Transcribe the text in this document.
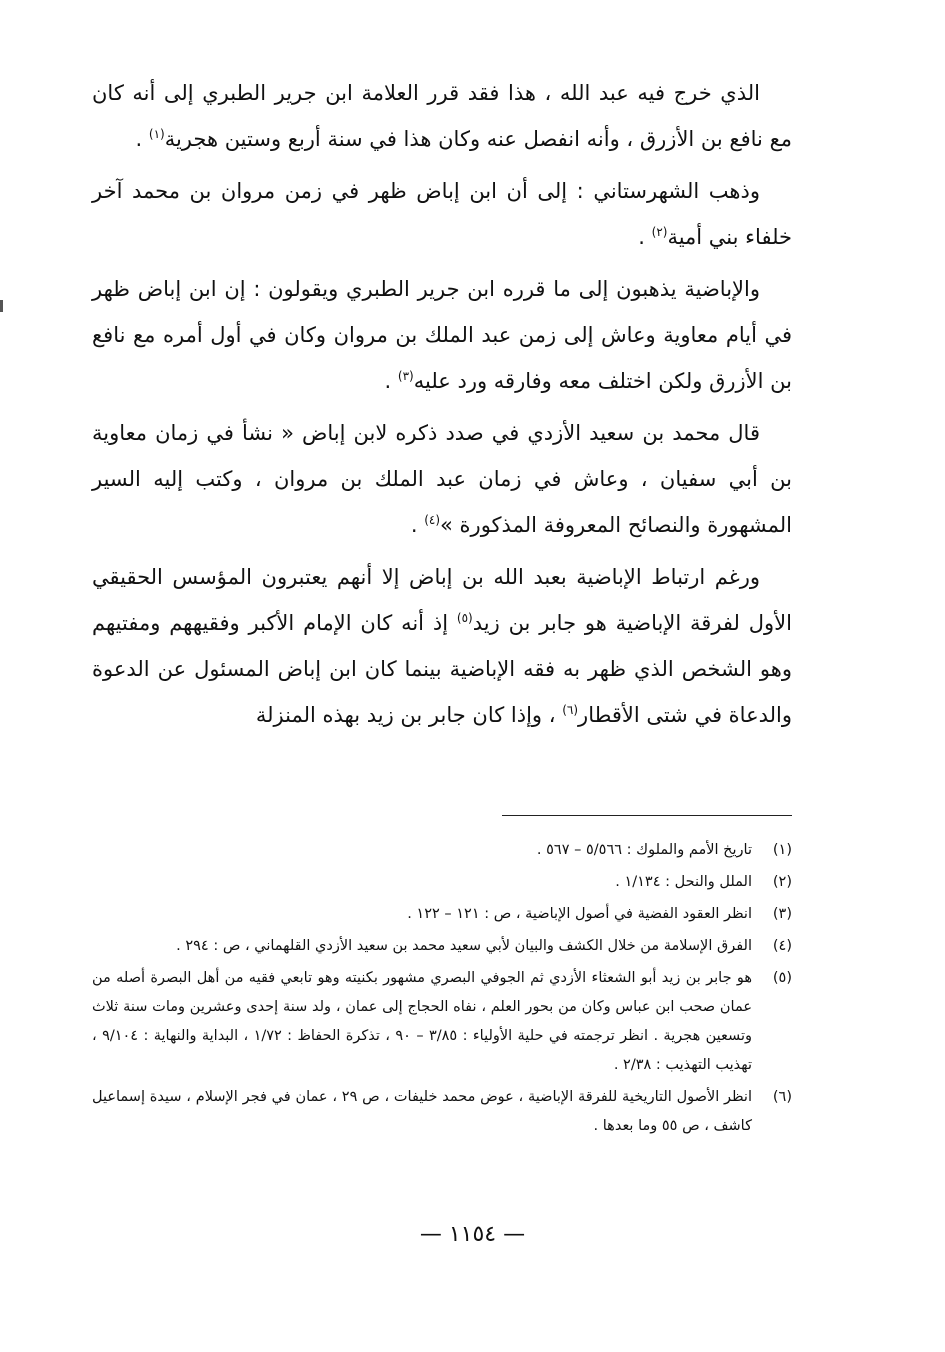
الذي خرج فيه عبد الله ، هذا فقد قرر العلامة ابن جرير الطبري إلى أنه كان مع نافع بن الأزرق ، وأنه انفصل عنه وكان هذا في سنة أربع وستين هجرية$^{(١)}$ .

وذهب الشهرستاني : إلى أن ابن إباض ظهر في زمن مروان بن محمد آخر خلفاء بني أمية$^{(٢)}$ .

والإباضية يذهبون إلى ما قرره ابن جرير الطبري ويقولون : إن ابن إباض ظهر في أيام معاوية وعاش إلى زمن عبد الملك بن مروان وكان في أول أمره مع نافع بن الأزرق ولكن اختلف معه وفارقه ورد عليه$^{(٣)}$ .

قال محمد بن سعيد الأزدي في صدد ذكره لابن إباض « نشأ في زمان معاوية بن أبي سفيان ، وعاش في زمان عبد الملك بن مروان ، وكتب إليه السير المشهورة والنصائح المعروفة المذكورة »$^{(٤)}$ .

ورغم ارتباط الإباضية بعبد الله بن إباض إلا أنهم يعتبرون المؤسس الحقيقي الأول لفرقة الإباضية هو جابر بن زيد$^{(٥)}$ إذ أنه كان الإمام الأكبر وفقيههم ومفتيهم وهو الشخص الذي ظهر به فقه الإباضية بينما كان ابن إباض المسئول عن الدعوة والدعاة في شتى الأقطار$^{(٦)}$ ، وإذا كان جابر بن زيد بهذه المنزلة

(١)
تاريخ الأمم والملوك : ٥/٥٦٦ – ٥٦٧ .
(٢)
الملل والنحل : ١/١٣٤ .
(٣)
انظر العقود الفضية في أصول الإباضية ، ص : ١٢١ – ١٢٢ .
(٤)
الفرق الإسلامة من خلال الكشف والبيان لأبي سعيد محمد بن سعيد الأزدي القلهماني ، ص : ٢٩٤ .
(٥)
هو جابر بن زيد أبو الشعثاء الأزدي ثم الجوفي البصري مشهور بكنيته وهو تابعي فقيه من أهل البصرة أصله من عمان صحب ابن عباس وكان من بحور العلم ، نفاه الحجاج إلى عمان ، ولد سنة إحدى وعشرين ومات سنة ثلاث وتسعين هجرية . انظر ترجمته في حلية الأولياء : ٣/٨٥ – ٩٠ ، تذكرة الحفاظ : ١/٧٢ ، البداية والنهاية : ٩/١٠٤ ، تهذيب التهذيب : ٢/٣٨ .
(٦)
انظر الأصول التاريخية للفرقة الإباضية ، عوض محمد خليفات ، ص ٢٩ ، عمان في فجر الإسلام ، سيدة إسماعيل كاشف ، ص ٥٥ وما بعدها .
— ١١٥٤ —
